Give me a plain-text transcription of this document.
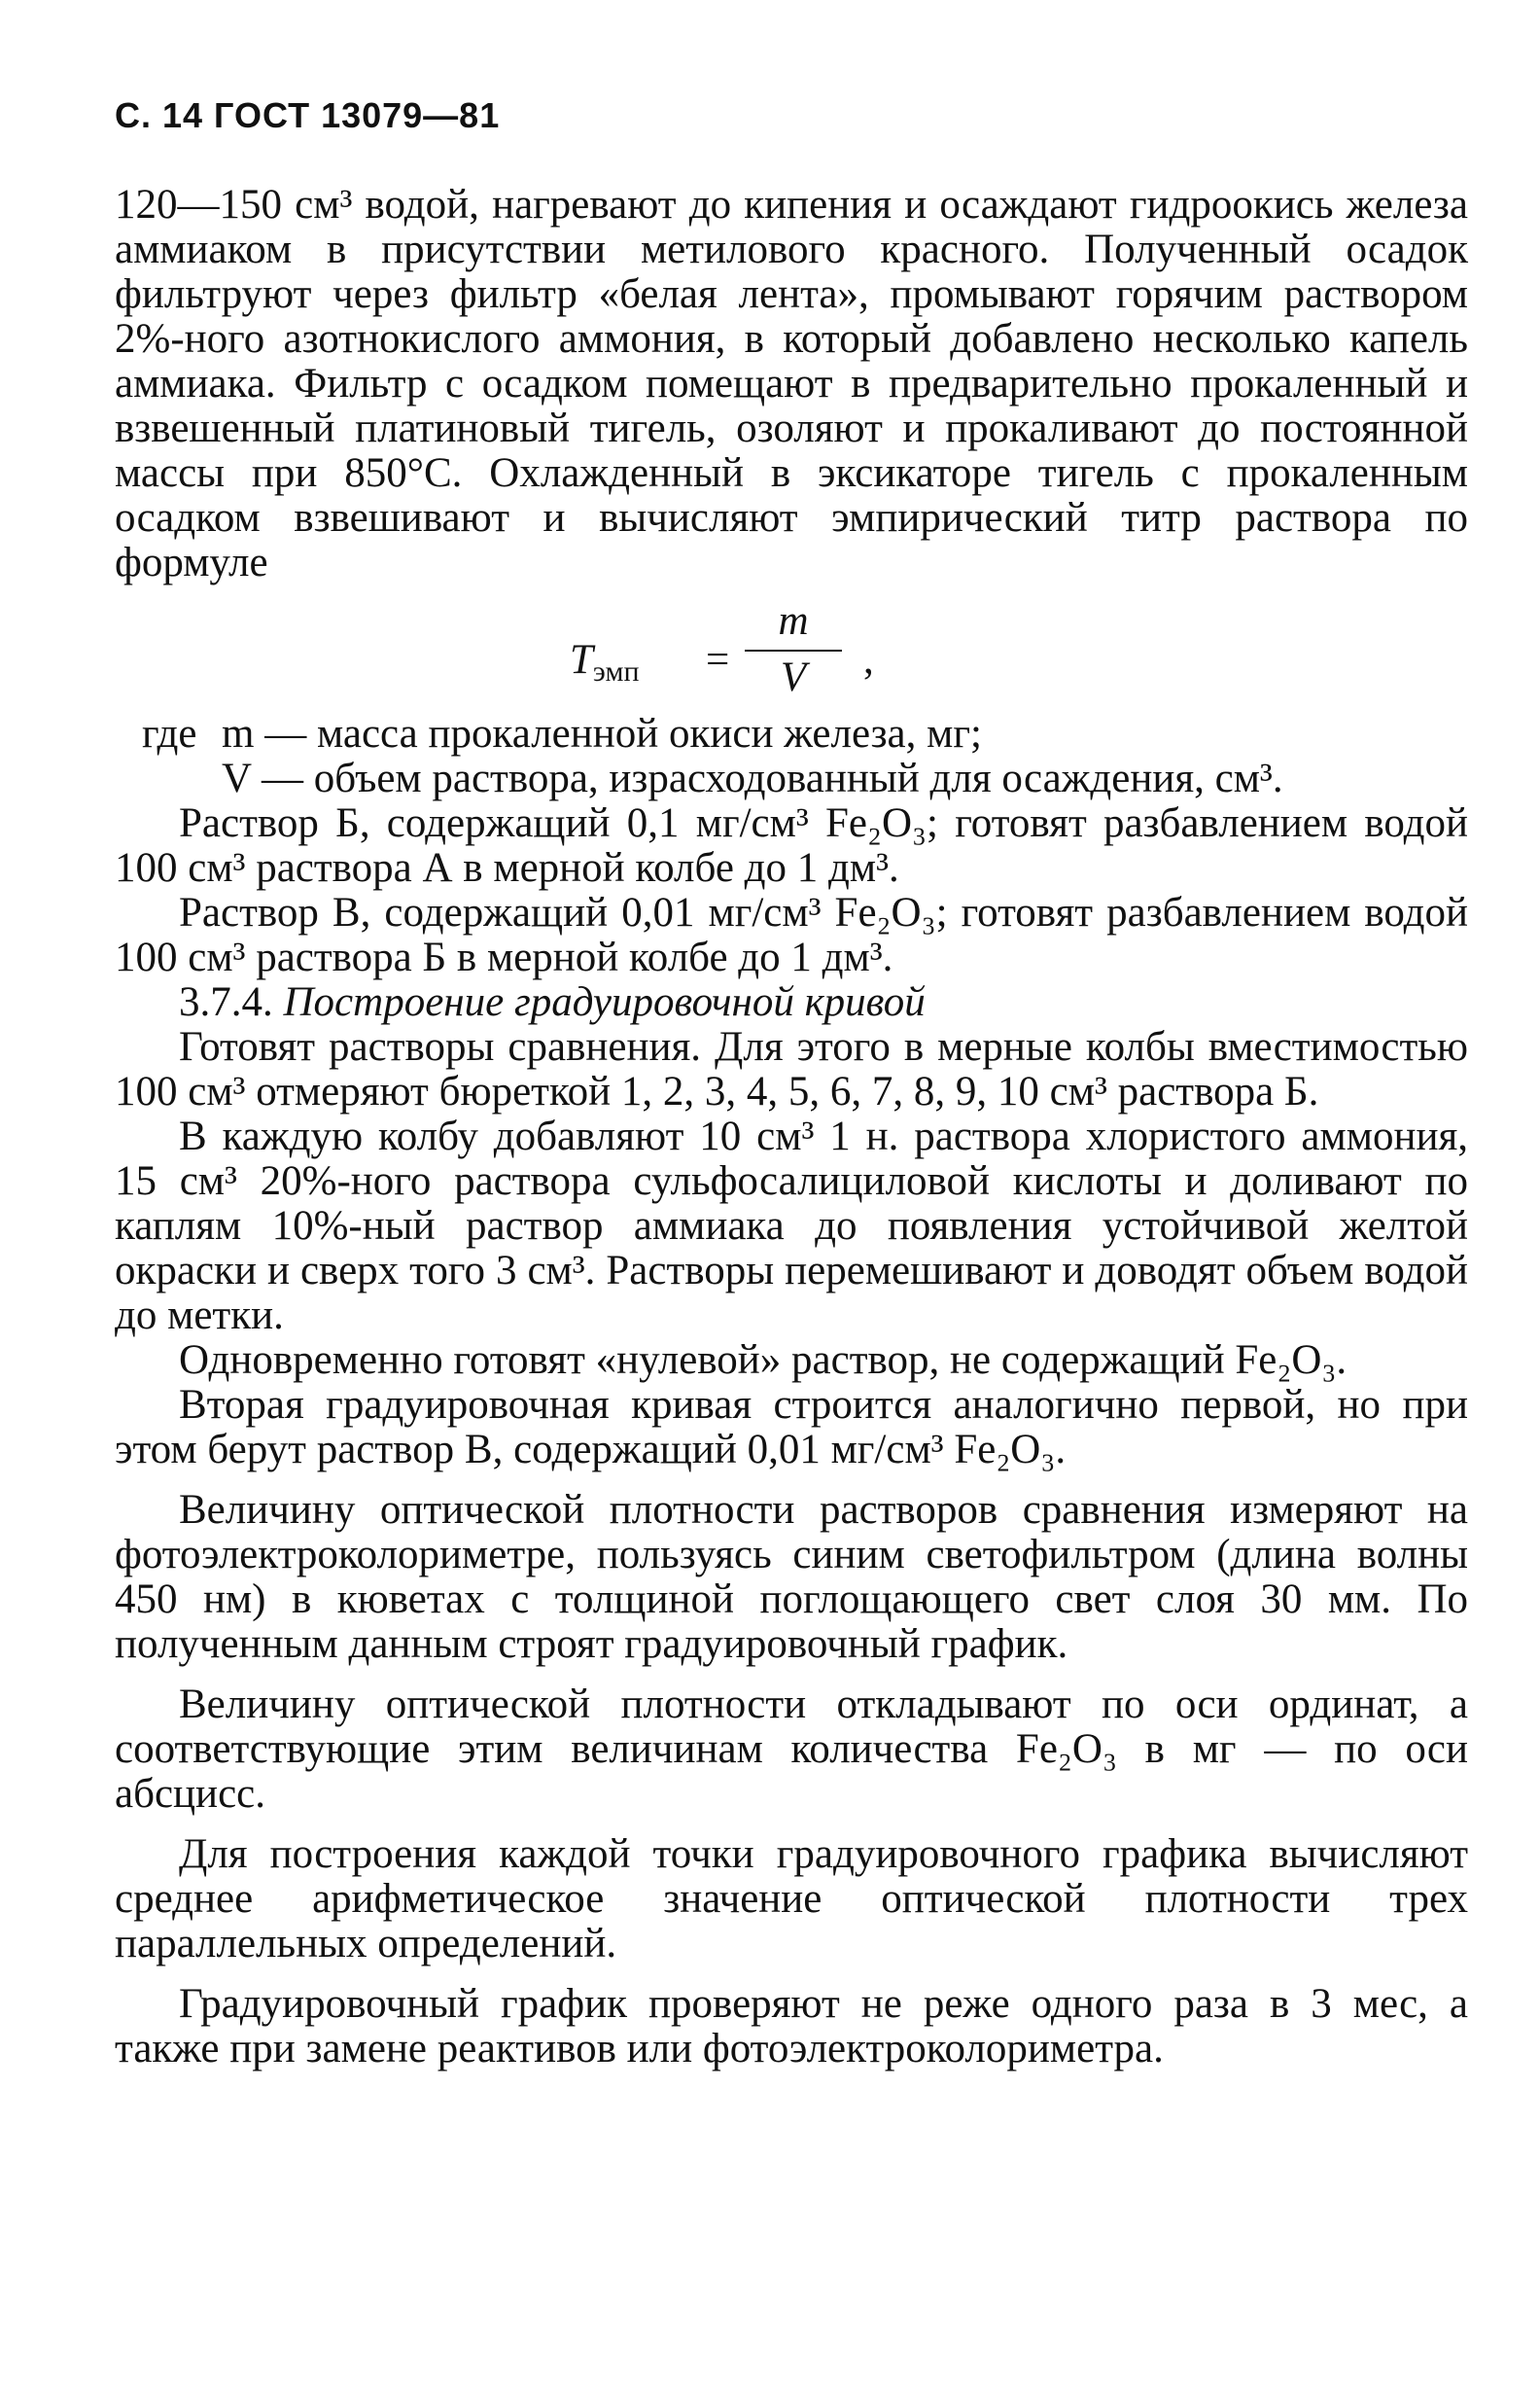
С. 14 ГОСТ 13079—81

120—150 см³ водой, нагревают до кипения и осаждают гидроокись железа аммиаком в присутствии метилового красного. Полученный осадок фильтруют через фильтр «белая лента», промывают горячим раствором 2%-ного азотнокислого аммония, в который добавлено несколько капель аммиака. Фильтр с осадком помещают в предварительно прокаленный и взвешенный платиновый тигель, озоляют и прокаливают до постоянной массы при 850°С. Охлажденный в эксикаторе тигель с прокаленным осадком взвешивают и вычисляют эмпирический титр раствора по формуле

$T_{эмп}$ =
m
V	,
где m — масса прокаленной окиси железа, мг;
V — объем раствора, израсходованный для осаждения, см³.

Раствор Б, содержащий 0,1 мг/см³ Fe₂O₃; готовят разбавлением водой 100 см³ раствора А в мерной колбе до 1 дм³.

Раствор В, содержащий 0,01 мг/см³ Fe₂O₃; готовят разбавлением водой 100 см³ раствора Б в мерной колбе до 1 дм³.

3.7.4. Построение градуировочной кривой

Готовят растворы сравнения. Для этого в мерные колбы вместимостью 100 см³ отмеряют бюреткой 1, 2, 3, 4, 5, 6, 7, 8, 9, 10 см³ раствора Б.

В каждую колбу добавляют 10 см³ 1 н. раствора хлористого аммония, 15 см³ 20%-ного раствора сульфосалициловой кислоты и доливают по каплям 10%-ный раствор аммиака до появления устойчивой желтой окраски и сверх того 3 см³. Растворы перемешивают и доводят объем водой до метки.

Одновременно готовят «нулевой» раствор, не содержащий Fe₂O₃.

Вторая градуировочная кривая строится аналогично первой, но при этом берут раствор В, содержащий 0,01 мг/см³ Fe₂O₃.

Величину оптической плотности растворов сравнения измеряют на фотоэлектроколориметре, пользуясь синим светофильтром (длина волны 450 нм) в кюветах с толщиной поглощающего свет слоя 30 мм. По полученным данным строят градуировочный график.

Величину оптической плотности откладывают по оси ординат, а соответствующие этим величинам количества Fe₂O₃ в мг — по оси абсцисс.

Для построения каждой точки градуировочного графика вычисляют среднее арифметическое значение оптической плотности трех параллельных определений.

Градуировочный график проверяют не реже одного раза в 3 мес, а также при замене реактивов или фотоэлектроколориметра.
